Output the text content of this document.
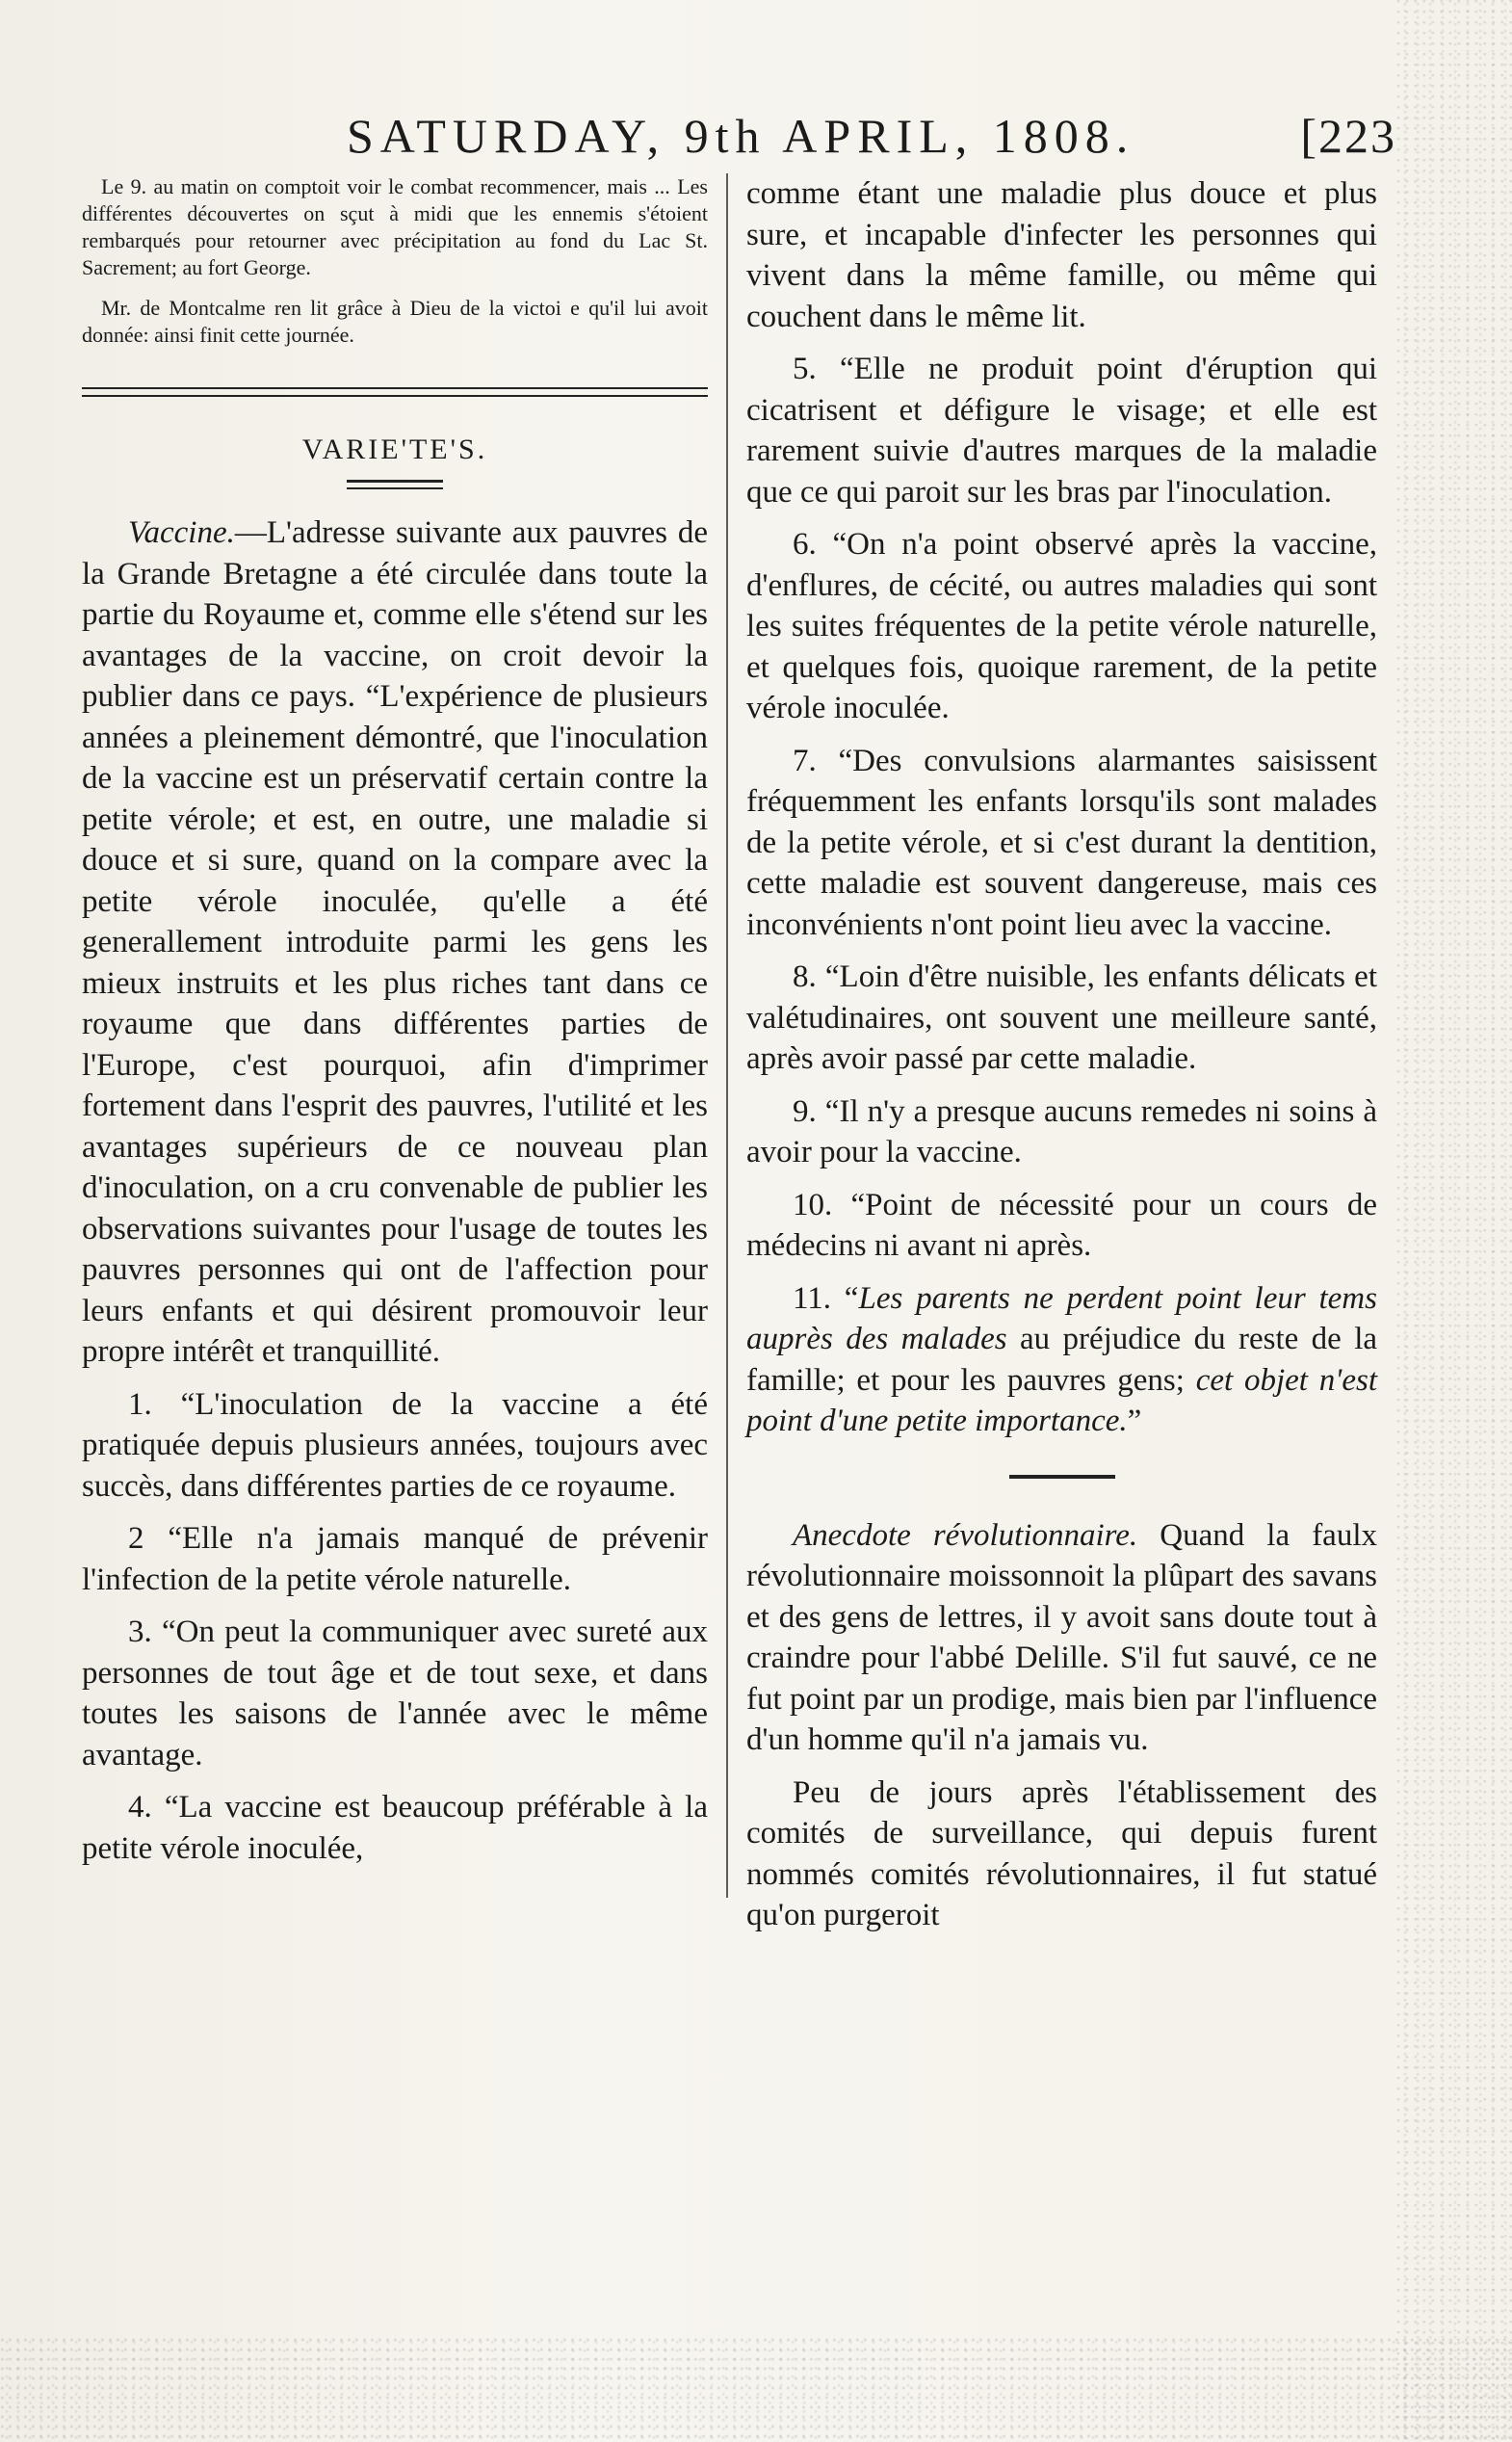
SATURDAY, 9th APRIL, 1808.	[223

Le 9. au matin on comptoit voir le combat recommencer, mais ... Les différentes découvertes on sçut à midi que les ennemis s'étoient rembarqués pour retourner avec précipitation au fond du Lac St. Sacrement; au fort George.

Mr. de Montcalme ren lit grâce à Dieu de la victoi e qu'il lui avoit donnée: ainsi finit cette journée.

VARIE'TE'S.

Vaccine.—L'adresse suivante aux pauvres de la Grande Bretagne a été circulée dans toute la partie du Royaume et, comme elle s'étend sur les avantages de la vaccine, on croit devoir la publier dans ce pays. “L'expérience de plusieurs années a pleinement démontré, que l'inoculation de la vaccine est un préservatif certain contre la petite vérole; et est, en outre, une maladie si douce et si sure, quand on la compare avec la petite vérole inoculée, qu'elle a été generallement introduite parmi les gens les mieux instruits et les plus riches tant dans ce royaume que dans différentes parties de l'Europe, c'est pourquoi, afin d'imprimer fortement dans l'esprit des pauvres, l'utilité et les avantages supérieurs de ce nouveau plan d'inoculation, on a cru convenable de publier les observations suivantes pour l'usage de toutes les pauvres personnes qui ont de l'affection pour leurs enfants et qui désirent promouvoir leur propre intérêt et tranquillité.

1. “L'inoculation de la vaccine a été pratiquée depuis plusieurs années, toujours avec succès, dans différentes parties de ce royaume.

2 “Elle n'a jamais manqué de prévenir l'infection de la petite vérole naturelle.

3. “On peut la communiquer avec sureté aux personnes de tout âge et de tout sexe, et dans toutes les saisons de l'année avec le même avantage.

4. “La vaccine est beaucoup préférable à la petite vérole inoculée,

comme étant une maladie plus douce et plus sure, et incapable d'infecter les personnes qui vivent dans la même famille, ou même qui couchent dans le même lit.

5. “Elle ne produit point d'éruption qui cicatrisent et défigure le visage; et elle est rarement suivie d'autres marques de la maladie que ce qui paroit sur les bras par l'inoculation.

6. “On n'a point observé après la vaccine, d'enflures, de cécité, ou autres maladies qui sont les suites fréquentes de la petite vérole naturelle, et quelques fois, quoique rarement, de la petite vérole inoculée.

7. “Des convulsions alarmantes saisissent fréquemment les enfants lorsqu'ils sont malades de la petite vérole, et si c'est durant la dentition, cette maladie est souvent dangereuse, mais ces inconvénients n'ont point lieu avec la vaccine.

8. “Loin d'être nuisible, les enfants délicats et valétudinaires, ont souvent une meilleure santé, après avoir passé par cette maladie.

9. “Il n'y a presque aucuns remedes ni soins à avoir pour la vaccine.

10. “Point de nécessité pour un cours de médecins ni avant ni après.

11. “Les parents ne perdent point leur tems auprès des malades au préjudice du reste de la famille; et pour les pauvres gens; cet objet n'est point d'une petite importance.”

Anecdote révolutionnaire. Quand la faulx révolutionnaire moissonnoit la plûpart des savans et des gens de lettres, il y avoit sans doute tout à craindre pour l'abbé Delille. S'il fut sauvé, ce ne fut point par un prodige, mais bien par l'influence d'un homme qu'il n'a jamais vu.

Peu de jours après l'établissement des comités de surveillance, qui depuis furent nommés comités révolutionnaires, il fut statué qu'on purgeroit
